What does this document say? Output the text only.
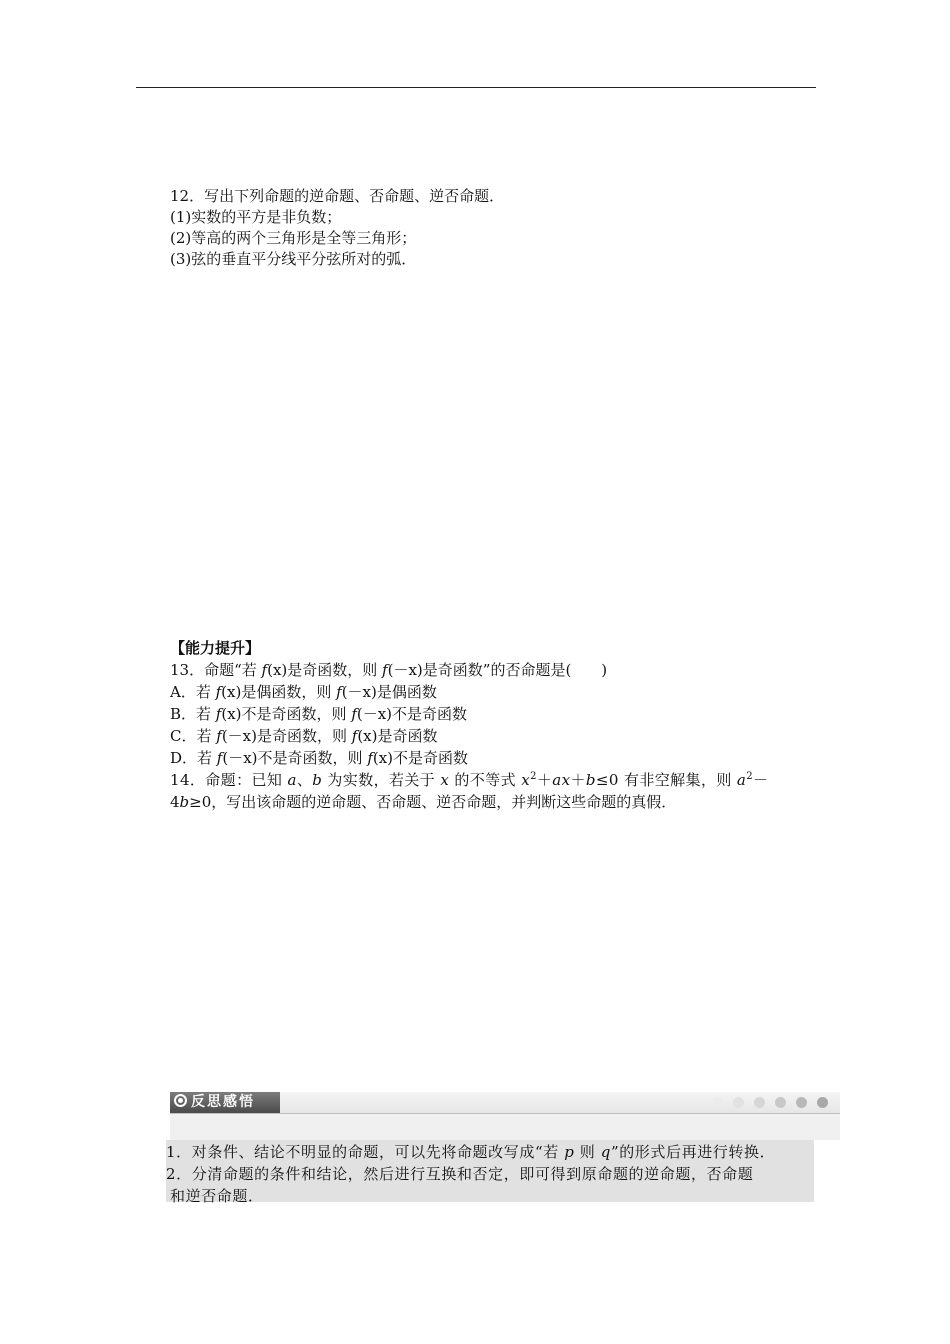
12．写出下列命题的逆命题、否命题、逆否命题．
(1)实数的平方是非负数；
(2)等高的两个三角形是全等三角形；
(3)弦的垂直平分线平分弦所对的弧．
【能力提升】
13．命题“若 f(x)是奇函数，则 f(－x)是奇函数”的否命题是(　　)
A．若 f(x)是偶函数，则 f(－x)是偶函数
B．若 f(x)不是奇函数，则 f(－x)不是奇函数
C．若 f(－x)是奇函数，则 f(x)是奇函数
D．若 f(－x)不是奇函数，则 f(x)不是奇函数
14．命题：已知 a、b 为实数，若关于 x 的不等式 $x^2+ax+b\le 0$ 有非空解集，则 $a^2-$
4b≥0，写出该命题的逆命题、否命题、逆否命题，并判断这些命题的真假．
反思感悟
1．对条件、结论不明显的命题，可以先将命题改写成“若 p 则 q”的形式后再进行转换．
2．分清命题的条件和结论，然后进行互换和否定，即可得到原命题的逆命题，否命题
和逆否命题．
